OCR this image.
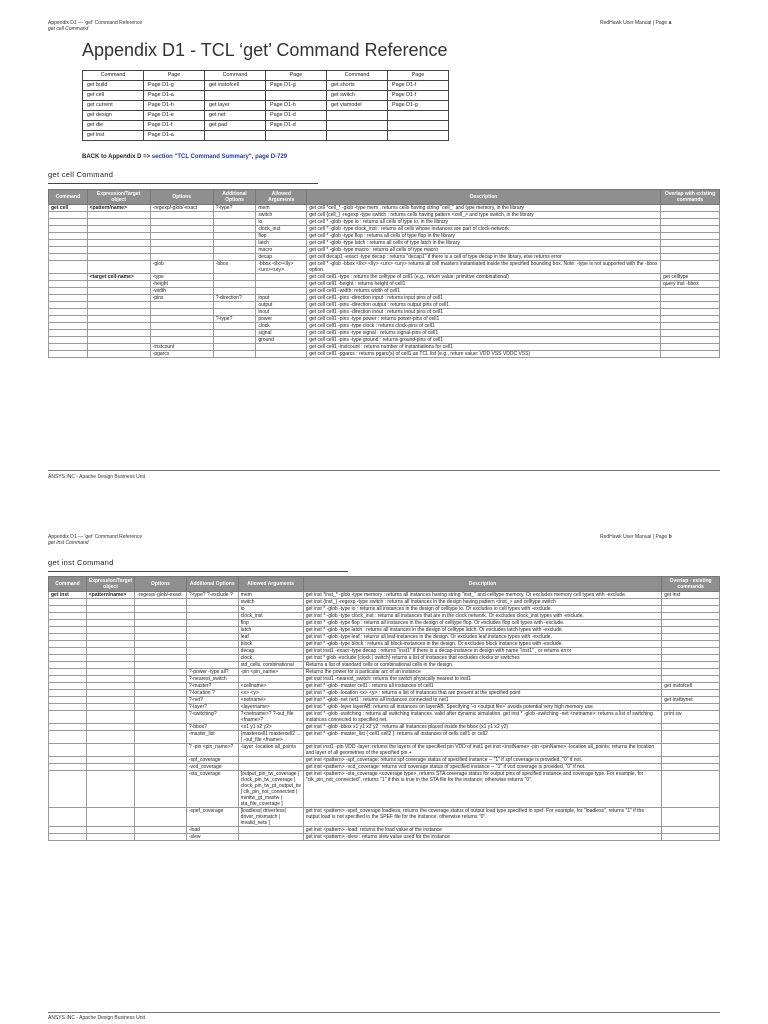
Appendix D1 — 'get' Command Reference
get cell Command
RedHawk User Manual | Page a
Appendix D1 - TCL ‘get’ Command Reference
Command	Page	Command	Page	Command	Page
get build	Page D1-g	get instofcell	Page D1-g	get shorts	Page D1-f
get cell	Page D1-a			get switch	Page D1-f
get current	Page D1-h	get layer	Page D1-h	get viamodel	Page D1-g
get design	Page D1-e	get net	Page D1-d		
get die	Page D1-f	get pad	Page D1-d		
get inst	Page D1-a				
BACK to Appendix D => section "TCL Command Summary", page D-729
get cell Command
Command	Expression/Target object	Options	Additional Options	Allowed Arguments	Description	Overlap with existing commands
get cell	<pattern/name>	-regexp/-glob/-exact	?-type?	mem	get cell *cell_* -glob -type mem : returns cells having string "cell_" and type memory, in the library	
				switch	get cell {cell_} -regexp -type switch : returns cells having pattern <cell_> and type switch, in the library	
				io	get cell * -glob -type io : returns all cells of type io, in the library	
				clock_inst	get cell * -glob -type clock_inst : returns all cells whose instances are part of clock-network	
				flop	get cell * -glob -type flop : returns all cells of type flop in the library	
				latch	get cell * -glob -type latch : returns all cells of type latch in the library	
				macro	get cell * -glob -type macro : returns all cells of type macro	
				decap	get cell decap1 -exact -type decap : returns "decap1" if there is a cell of type decap in the library, else returns error	
		-glob	-bbox	-bbox <llx><lly><urx><ury>	get cell * -glob -bbox <llx> <lly> <urx> <ury> returns all cell masters instantiated inside the specified bounding box. Note: -type is not supported with the -bbox option.	
	<target cell-name>	-type			get cell cell1 -type : returns the celltype of cell1 (e.g., return value: primitive combinational)	get celltype
		-height			get cell cell1 -height : returns height of cell1	query inst -bbox
		-width			get cell cell1 -width: returns width of cell1	
		-pins	?-direction?	input	get cell cell1 -pins -direction input : returns input pins of cell1	
				output	get cell cell1 -pins -direction output : returns output pins of cell1	
				inout	get cell cell1 -pins -direction inout : returns inout pins of cell1	
			?-type?	power	get cell cell1 -pins -type power : returns power-pins of cell1	
				clock	get cell cell1 -pins -type clock : returns clock-pins of cell1	
				signal	get cell cell1 -pins -type signal : returns signal-pins of cell1	
				ground	get cell cell1 -pins -type ground : returns ground-pins of cell1	
		-instcount			get cell cell1 -instcount : returns number of instantiations for cell1	
		-pgarcs			get cell cell1 -pgarcs : returns pgarc(s) of cell1 as TCL list (e.g., return value: VDD VSS VDDC VSS)	
ANSYS INC - Apache Design Business Unit
Appendix D1 — 'get' Command Reference
get inst Command
RedHawk User Manual | Page b
get inst Command
Command	Expression/Target object	Options	Additional Options	Allowed Arguments	Description	Overlap - existing commands
get inst	<pattern/name>	-regexp/-glob/-exact	?-type? ?-exclude ?	mem	get inst *inst_* -glob -type memory : returns all instances having string "inst_" and celltype memory. Or excludes memory cell types with -exclude.	get inst
				switch	get inst {inst_} -regexp -type switch : returns all instances in the design having pattern <inst_> and celltype switch	
				io	get inst * -glob -type io : returns all instances in the design of celltype io. Or excludes io cell types with -exclude.	
				clock_inst	get inst * -glob -type clock_inst : returns all instances that are in the clock network. Or excludes clock_inst types with -exclude.	
				flop	get inst * -glob -type flop : returns all instances in the design of celltype flop. Or excludes flop cell types with -exclude.	
				latch	get inst * -glob -type latch : returns all instances in the design of celltype latch. Or excludes latch types with -exclude.	
				leaf	get inst * -glob -type leaf : returns all leaf-instances in the design. Or excludes leaf instance types with -exclude.	
				block	get inst * -glob -type block : returns all block-instances in the design. Or excludes block instance types with -exclude.	
				decap	get inst inst1 -exact -type decap : returns "inst1" if there is a decap-instance in design with name "inst1" , or returns error	
				clock	get inst * glob -exclude {clock | switch} returns a list of instances that excludes clocks or switches	
				std_cells, combinational	Returns a list of standard cells or combinational cells in the design.	
			?-power -type all?	-pin <pin_name>	Returns the power for a particular arc of an instance	
			?-nearest_switch		get inst inst1 -nearest_switch: returns the switch physically nearest to inst1	
			?-master?	<cellname>	get inst * -glob -master cell1 : returns all instances of cell1	get instofcell
			?-location ?	<x> <y>	get inst * -glob -location <x> <y> : returns a list of instances that are present at the specified point	
			?-net?	<netname>	get inst * -glob -net net1 : returns all instances connected to net1	get instbynet
			?-layer?	<layername>	get inst * -glob -layer layerAB: returns all instances on layerAB. Specifying '-o <output file>' avoids potential very high memory use.	
			?-switching?	?<netname>? ?-out_file <fname>?	get inst * -glob -switching : returns all switching instances. valid after dynamic simulation. get inst * -glob -switching -net <netname>: returns a list of switching instances connected to specified net.	print sw
			?-bbox?	<x1 y1 x2 y2>	get inst * -glob -bbox x1 y1 x2 y2 : returns all instances placed inside the bbox (x1 y1 x2 y2)	
			-master_list	{mastercell1 mastercell2 ... } -out_file <fname>	get inst * -glob -master_list { cell1 cell2 }: returns all instances of cells cell1 or cell2	
			? -pin <pin_name>?	-layer -location all_points	get inst inst1 -pin VDD -layer: returns the layers of the specified pin VDD of inst1 get inst <instName> -pin <pinName> -location all_points: returns the location and layer of all geometries of the specified pin.+	
			-spf_coverage		get inst <pattern> -spf_coverage: returns spf coverage status of specified instance -- "1" if spf coverage is provided, "0" if not.	
			-vcd_coverage		get inst <pattern> -vcd_coverage: returns vcd coverage status of specified instance -- "1" if vcd coverage is provided, "0" if not.	
			-sta_coverage	[output_pin_tw_coverage | clock_pin_tw_coverage | clock_pin_tw_pt_output_tw | clk_pin_not_connected | minttw_gt_maxtw | sta_file_coverage ]	get inst <pattern> -sta_coverage <coverage type>, returns STA coverage status for output pins of specified instance and coverage type. For example, for "clk_pin_not_connected", returns "1" if this is true in the STA file for the instance; otherwise returns "0".	
			-spef_coverage	[loadless| driverless| driver_mismatch | invalid_nets ]	get inst <pattern> -spef_coverage loadless, returns the coverage status of output load type specified in spef. For example, for "loadless", returns "1" if the output load is not specified in the SPEF file for the instance; otherwise returns "0".	
			-load		get inst <pattern> -load: returns the load value of the instance	
			-slew		get inst <pattern> -slew : returns slew value used for the instance	
ANSYS INC - Apache Design Business Unit
